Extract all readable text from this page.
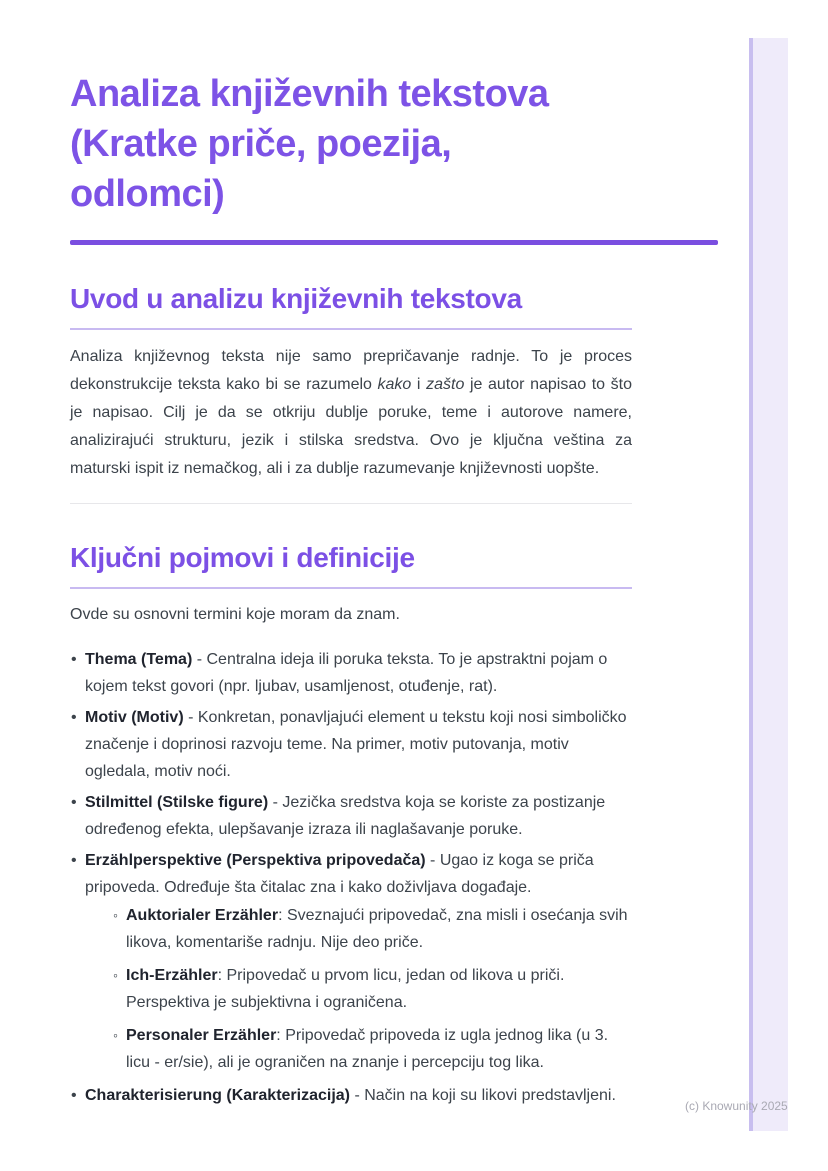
Analiza književnih tekstova
(Kratke priče, poezija,
odlomci)
Uvod u analizu književnih tekstova

Analiza književnog teksta nije samo prepričavanje radnje. To je proces dekonstrukcije teksta kako bi se razumelo kako i zašto je autor napisao to što je napisao. Cilj je da se otkriju dublje poruke, teme i autorove namere, analizirajući strukturu, jezik i stilska sredstva. Ovo je ključna veština za maturski ispit iz nemačkog, ali i za dublje razumevanje književnosti uopšte.

Ključni pojmovi i definicije

Ovde su osnovni termini koje moram da znam.

• Thema (Tema) - Centralna ideja ili poruka teksta. To je apstraktni pojam o kojem tekst govori (npr. ljubav, usamljenost, otuđenje, rat).
• Motiv (Motiv) - Konkretan, ponavljajući element u tekstu koji nosi simboličko značenje i doprinosi razvoju teme. Na primer, motiv putovanja, motiv ogledala, motiv noći.
• Stilmittel (Stilske figure) - Jezička sredstva koja se koriste za postizanje određenog efekta, ulepšavanje izraza ili naglašavanje poruke.
• Erzählperspektive (Perspektiva pripovedača) - Ugao iz koga se priča pripoveda. Određuje šta čitalac zna i kako doživljava događaje.
◦ Auktorialer Erzähler: Sveznajući pripovedač, zna misli i osećanja svih likova, komentariše radnju. Nije deo priče.
◦ Ich-Erzähler: Pripovedač u prvom licu, jedan od likova u priči. Perspektiva je subjektivna i ograničena.
◦ Personaler Erzähler: Pripovedač pripoveda iz ugla jednog lika (u 3. licu - er/sie), ali je ograničen na znanje i percepciju tog lika.
• Charakterisierung (Karakterizacija) - Način na koji su likovi predstavljeni.
(c) Knowunity 2025
